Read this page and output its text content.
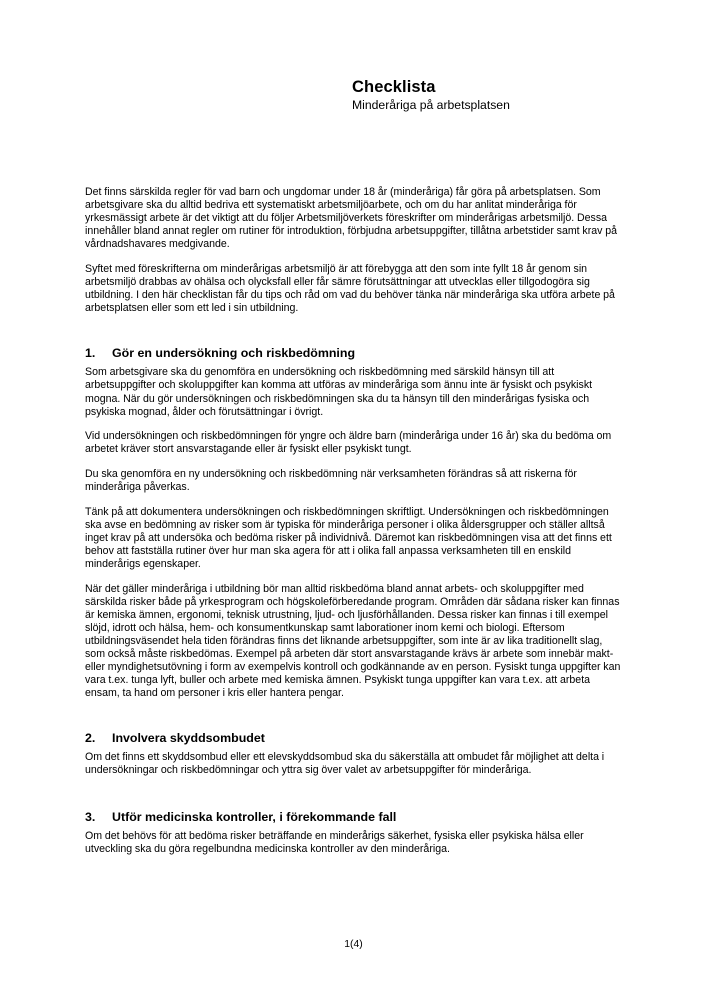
Checklista
Minderåriga på arbetsplatsen

Det finns särskilda regler för vad barn och ungdomar under 18 år (minderåriga) får göra på arbetsplatsen. Som arbetsgivare ska du alltid bedriva ett systematiskt arbetsmiljöarbete, och om du har anlitat minderåriga för yrkesmässigt arbete är det viktigt att du följer Arbetsmiljöverkets föreskrifter om minderårigas arbetsmiljö. Dessa innehåller bland annat regler om rutiner för introduktion, förbjudna arbetsuppgifter, tillåtna arbetstider samt krav på vårdnadshavares medgivande.

Syftet med föreskrifterna om minderårigas arbetsmiljö är att förebygga att den som inte fyllt 18 år genom sin arbetsmiljö drabbas av ohälsa och olycksfall eller får sämre förutsättningar att utvecklas eller tillgodogöra sig utbildning. I den här checklistan får du tips och råd om vad du behöver tänka när minderåriga ska utföra arbete på arbetsplatsen eller som ett led i sin utbildning.

1.	Gör en undersökning och riskbedömning

Som arbetsgivare ska du genomföra en undersökning och riskbedömning med särskild hänsyn till att arbetsuppgifter och skoluppgifter kan komma att utföras av minderåriga som ännu inte är fysiskt och psykiskt mogna. När du gör undersökningen och riskbedömningen ska du ta hänsyn till den minderårigas fysiska och psykiska mognad, ålder och förutsättningar i övrigt.

Vid undersökningen och riskbedömningen för yngre och äldre barn (minderåriga under 16 år) ska du bedöma om arbetet kräver stort ansvarstagande eller är fysiskt eller psykiskt tungt.

Du ska genomföra en ny undersökning och riskbedömning när verksamheten förändras så att riskerna för minderåriga påverkas.

Tänk på att dokumentera undersökningen och riskbedömningen skriftligt. Undersökningen och riskbedömningen ska avse en bedömning av risker som är typiska för minderåriga personer i olika åldersgrupper och ställer alltså inget krav på att undersöka och bedöma risker på individnivå. Däremot kan riskbedömningen visa att det finns ett behov att fastställa rutiner över hur man ska agera för att i olika fall anpassa verksamheten till en enskild minderårigs egenskaper.

När det gäller minderåriga i utbildning bör man alltid riskbedöma bland annat arbets- och skoluppgifter med särskilda risker både på yrkesprogram och högskoleförberedande program. Områden där sådana risker kan finnas är kemiska ämnen, ergonomi, teknisk utrustning, ljud- och ljusförhållanden. Dessa risker kan finnas i till exempel slöjd, idrott och hälsa, hem- och konsumentkunskap samt laborationer inom kemi och biologi. Eftersom utbildningsväsendet hela tiden förändras finns det liknande arbetsuppgifter, som inte är av lika traditionellt slag, som också måste riskbedömas. Exempel på arbeten där stort ansvarstagande krävs är arbete som innebär makt- eller myndighetsutövning i form av exempelvis kontroll och godkännande av en person. Fysiskt tunga uppgifter kan vara t.ex. tunga lyft, buller och arbete med kemiska ämnen. Psykiskt tunga uppgifter kan vara t.ex. att arbeta ensam, ta hand om personer i kris eller hantera pengar.

2.	Involvera skyddsombudet

Om det finns ett skyddsombud eller ett elevskyddsombud ska du säkerställa att ombudet får möjlighet att delta i undersökningar och riskbedömningar och yttra sig över valet av arbetsuppgifter för minderåriga.

3.	Utför medicinska kontroller, i förekommande fall

Om det behövs för att bedöma risker beträffande en minderårigs säkerhet, fysiska eller psykiska hälsa eller utveckling ska du göra regelbundna medicinska kontroller av den minderåriga.

1(4)
